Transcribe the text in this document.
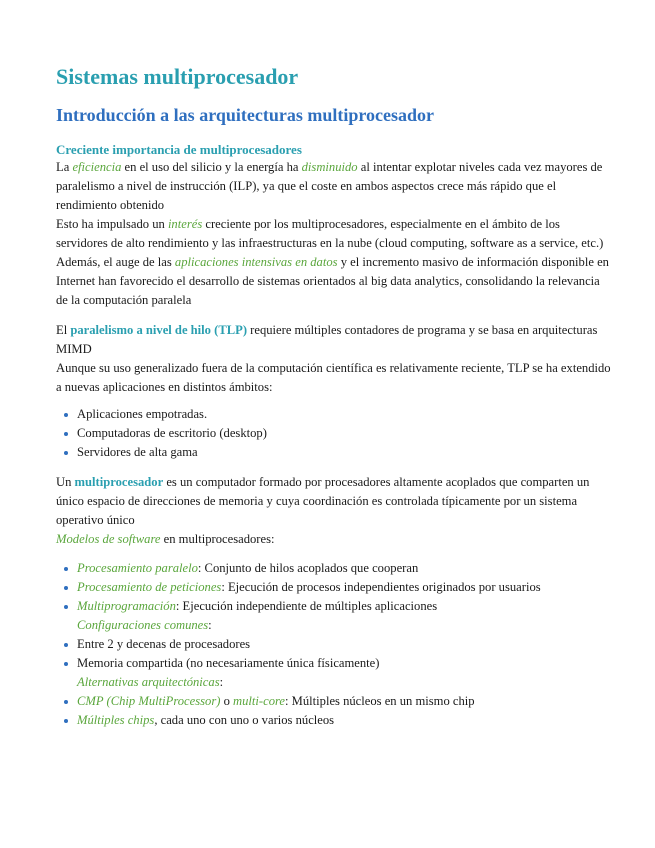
Sistemas multiprocesador
Introducción a las arquitecturas multiprocesador
Creciente importancia de multiprocesadores

La eficiencia en el uso del silicio y la energía ha disminuido al intentar explotar niveles cada vez mayores de paralelismo a nivel de instrucción (ILP), ya que el coste en ambos aspectos crece más rápido que el rendimiento obtenido

Esto ha impulsado un interés creciente por los multiprocesadores, especialmente en el ámbito de los servidores de alto rendimiento y las infraestructuras en la nube (cloud computing, software as a service, etc.)

Además, el auge de las aplicaciones intensivas en datos y el incremento masivo de información disponible en Internet han favorecido el desarrollo de sistemas orientados al big data analytics, consolidando la relevancia de la computación paralela

El paralelismo a nivel de hilo (TLP) requiere múltiples contadores de programa y se basa en arquitecturas MIMD

Aunque su uso generalizado fuera de la computación científica es relativamente reciente, TLP se ha extendido a nuevas aplicaciones en distintos ámbitos:

Aplicaciones empotradas.
Computadoras de escritorio (desktop)
Servidores de alta gama

Un multiprocesador es un computador formado por procesadores altamente acoplados que comparten un único espacio de direcciones de memoria y cuya coordinación es controlada típicamente por un sistema operativo único

Modelos de software en multiprocesadores:

Procesamiento paralelo: Conjunto de hilos acoplados que cooperan
Procesamiento de peticiones: Ejecución de procesos independientes originados por usuarios
Multiprogramación: Ejecución independiente de múltiples aplicaciones
Configuraciones comunes:
Entre 2 y decenas de procesadores
Memoria compartida (no necesariamente única físicamente)
Alternativas arquitectónicas:
CMP (Chip MultiProcessor) o multi-core: Múltiples núcleos en un mismo chip
Múltiples chips, cada uno con uno o varios núcleos
